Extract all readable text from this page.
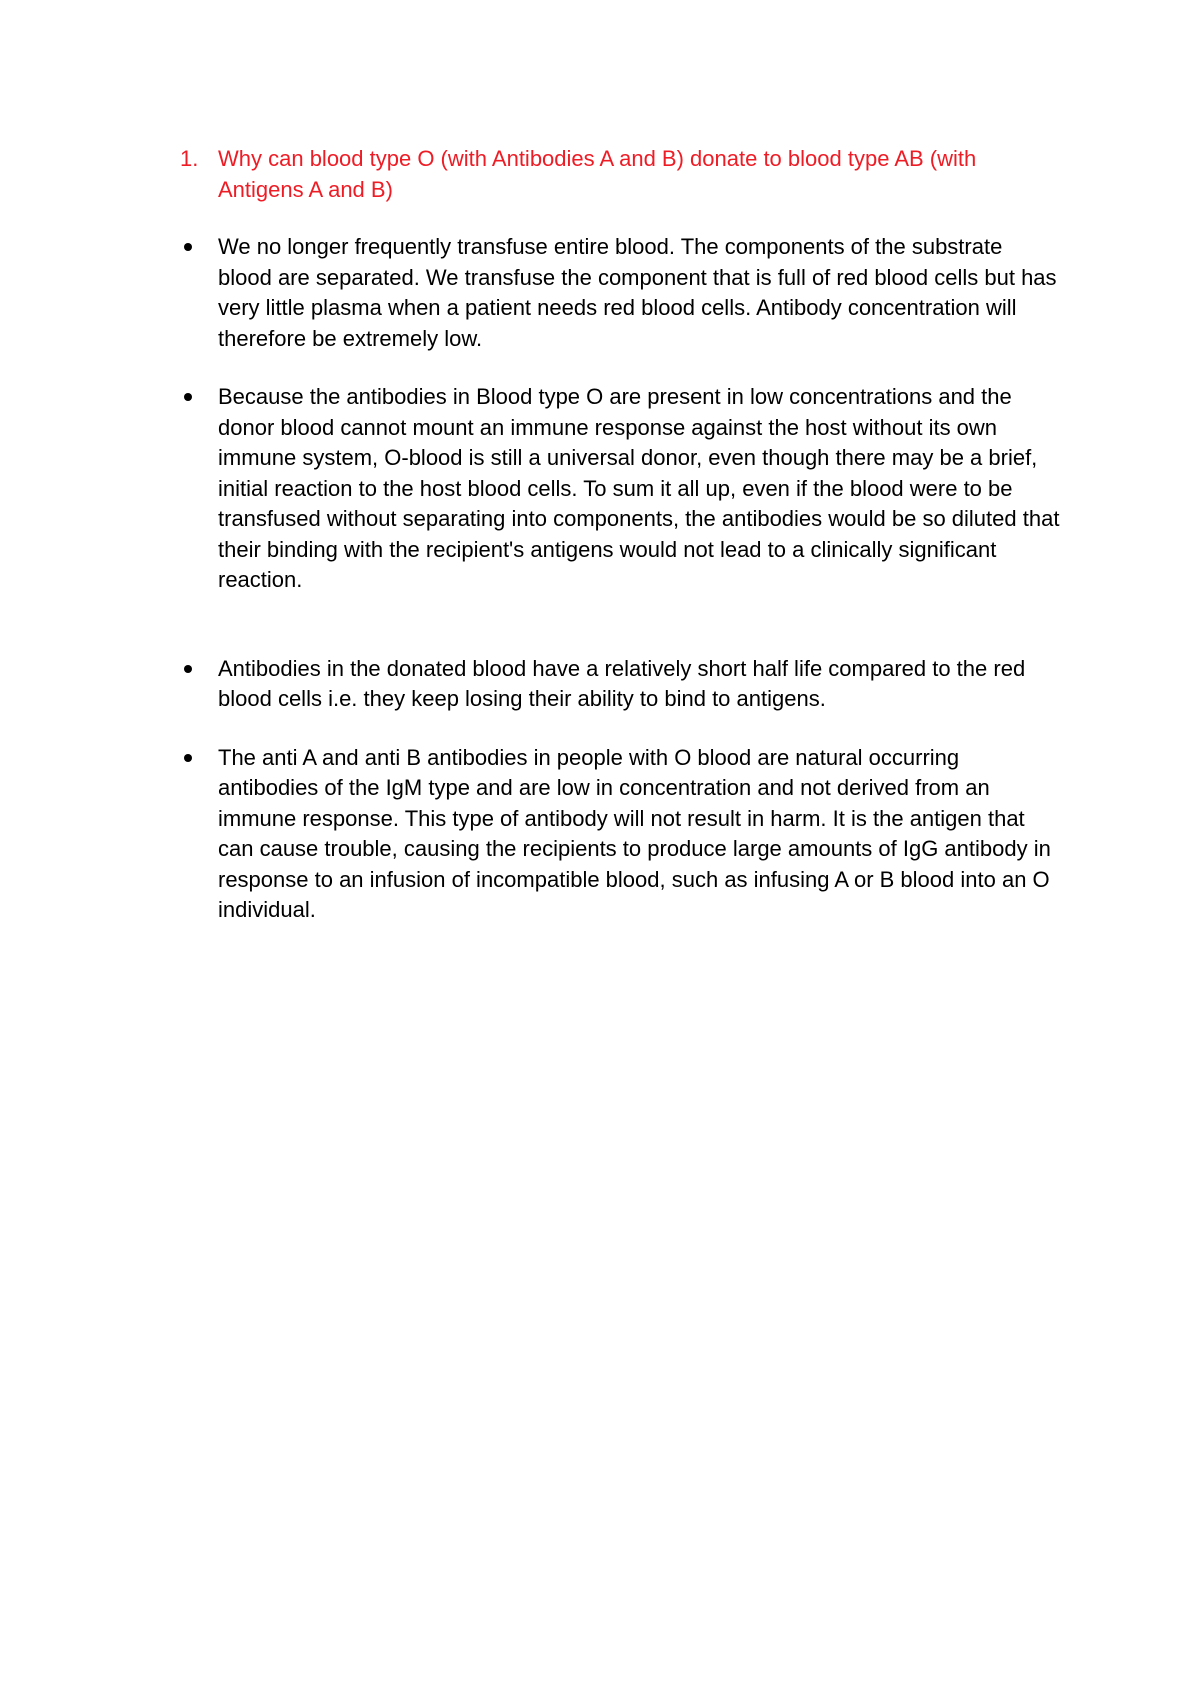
1. Why can blood type O (with Antibodies A and B) donate to blood type AB (with Antigens A and B)

We no longer frequently transfuse entire blood. The components of the substrate blood are separated. We transfuse the component that is full of red blood cells but has very little plasma when a patient needs red blood cells. Antibody concentration will therefore be extremely low.
Because the antibodies in Blood type O are present in low concentrations and the donor blood cannot mount an immune response against the host without its own immune system, O-blood is still a universal donor, even though there may be a brief, initial reaction to the host blood cells. To sum it all up, even if the blood were to be transfused without separating into components, the antibodies would be so diluted that their binding with the recipient's antigens would not lead to a clinically significant reaction.
Antibodies in the donated blood have a relatively short half life compared to the red blood cells i.e. they keep losing their ability to bind to antigens.
The anti A and anti B antibodies in people with O blood are natural occurring antibodies of the IgM type and are low in concentration and not derived from an immune response. This type of antibody will not result in harm. It is the antigen that can cause trouble, causing the recipients to produce large amounts of IgG antibody in response to an infusion of incompatible blood, such as infusing A or B blood into an O individual.
